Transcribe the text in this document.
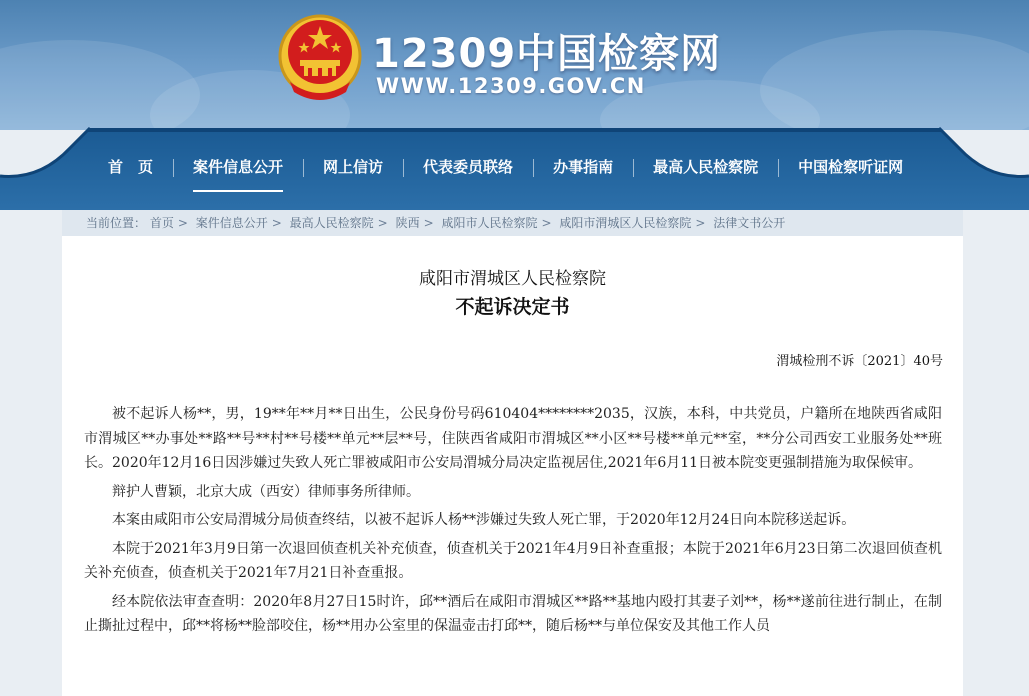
12309中国检察网
WWW.12309.GOV.CN
首　页	案件信息公开	网上信访	代表委员联络	办事指南	最高人民检察院	中国检察听证网
当前位置： 首页 > 案件信息公开 > 最高人民检察院 > 陕西 > 咸阳市人民检察院 > 咸阳市渭城区人民检察院 > 法律文书公开
咸阳市渭城区人民检察院
不起诉决定书
渭城检刑不诉〔2021〕40号

被不起诉人杨**，男，19**年**月**日出生，公民身份号码610404********2035，汉族，本科，中共党员，户籍所在地陕西省咸阳市渭城区**办事处**路**号**村**号楼**单元**层**号，住陕西省咸阳市渭城区**小区**号楼**单元**室，**分公司西安工业服务处**班长。2020年12月16日因涉嫌过失致人死亡罪被咸阳市公安局渭城分局决定监视居住,2021年6月11日被本院变更强制措施为取保候审。

辩护人曹颖，北京大成（西安）律师事务所律师。

本案由咸阳市公安局渭城分局侦查终结，以被不起诉人杨**涉嫌过失致人死亡罪，于2020年12月24日向本院移送起诉。

本院于2021年3月9日第一次退回侦查机关补充侦查，侦查机关于2021年4月9日补查重报；本院于2021年6月23日第二次退回侦查机关补充侦查，侦查机关于2021年7月21日补查重报。

经本院依法审查查明：2020年8月27日15时许，邱**酒后在咸阳市渭城区**路**基地内殴打其妻子刘**，杨**遂前往进行制止，在制止撕扯过程中，邱**将杨**脸部咬住，杨**用办公室里的保温壶击打邱**，随后杨**与单位保安及其他工作人员
